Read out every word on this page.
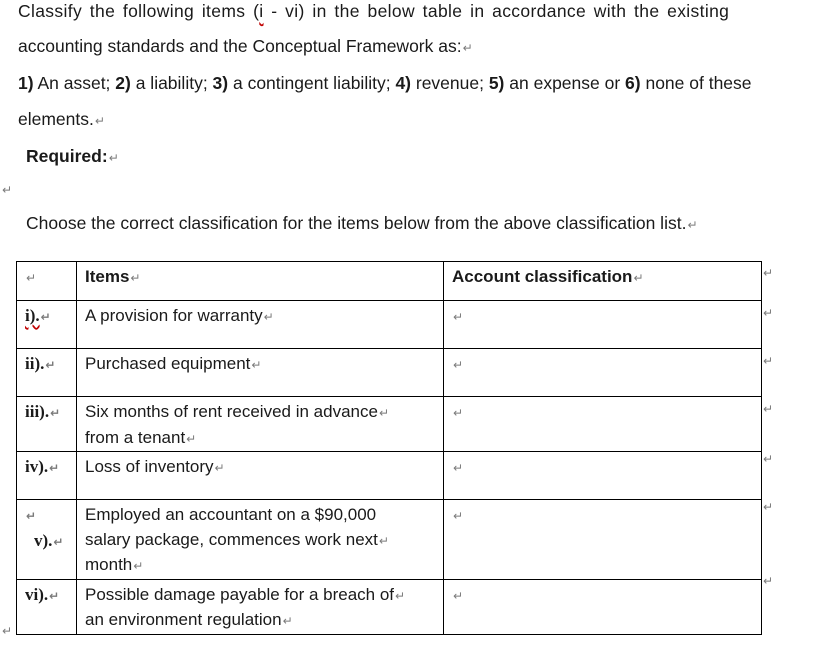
Classify the following items (i - vi) in the below table in accordance with the existing
accounting standards and the Conceptual Framework as:↵
1) An asset; 2) a liability; 3) a contingent liability; 4) revenue; 5) an expense or 6) none of these
elements.↵
Required:↵
↵
Choose the correct classification for the items below from the above classification list.↵
↵	Items↵	Account classification↵
i).↵	A provision for warranty↵	↵
ii).↵	Purchased equipment↵	↵
iii).↵	Six months of rent received in advance↵
from a tenant↵	↵
iv).↵	Loss of inventory↵	↵
↵
v).↵	Employed an accountant on a $90,000
salary package, commences work next↵
month↵	↵
vi).↵	Possible damage payable for a breach of↵
an environment regulation↵	↵
↵
↵
↵
↵
↵
↵
↵
↵
